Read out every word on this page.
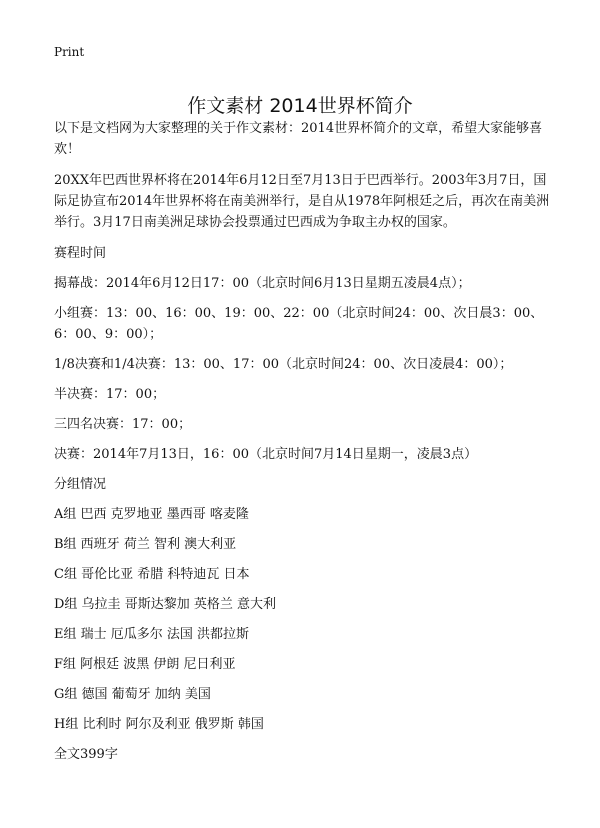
Print
作文素材 2014世界杯简介

以下是文档网为大家整理的关于作文素材：2014世界杯简介的文章，希望大家能够喜欢！

20XX年巴西世界杯将在2014年6月12日至7月13日于巴西举行。2003年3月7日，国际足协宣布2014年世界杯将在南美洲举行，是自从1978年阿根廷之后，再次在南美洲举行。3月17日南美洲足球协会投票通过巴西成为争取主办权的国家。

赛程时间

揭幕战：2014年6月12日17：00（北京时间6月13日星期五凌晨4点）；

小组赛：13：00、16：00、19：00、22：00（北京时间24：00、次日晨3：00、6：00、9：00）；

1/8决赛和1/4决赛：13：00、17：00（北京时间24：00、次日凌晨4：00）；

半决赛：17：00；

三四名决赛：17：00；

决赛：2014年7月13日，16：00（北京时间7月14日星期一，凌晨3点）

分组情况

A组 巴西 克罗地亚 墨西哥 喀麦隆

B组 西班牙 荷兰 智利 澳大利亚

C组 哥伦比亚 希腊 科特迪瓦 日本

D组 乌拉圭 哥斯达黎加 英格兰 意大利

E组 瑞士 厄瓜多尔 法国 洪都拉斯

F组 阿根廷 波黑 伊朗 尼日利亚

G组 德国 葡萄牙 加纳 美国

H组 比利时 阿尔及利亚 俄罗斯 韩国

全文399字
